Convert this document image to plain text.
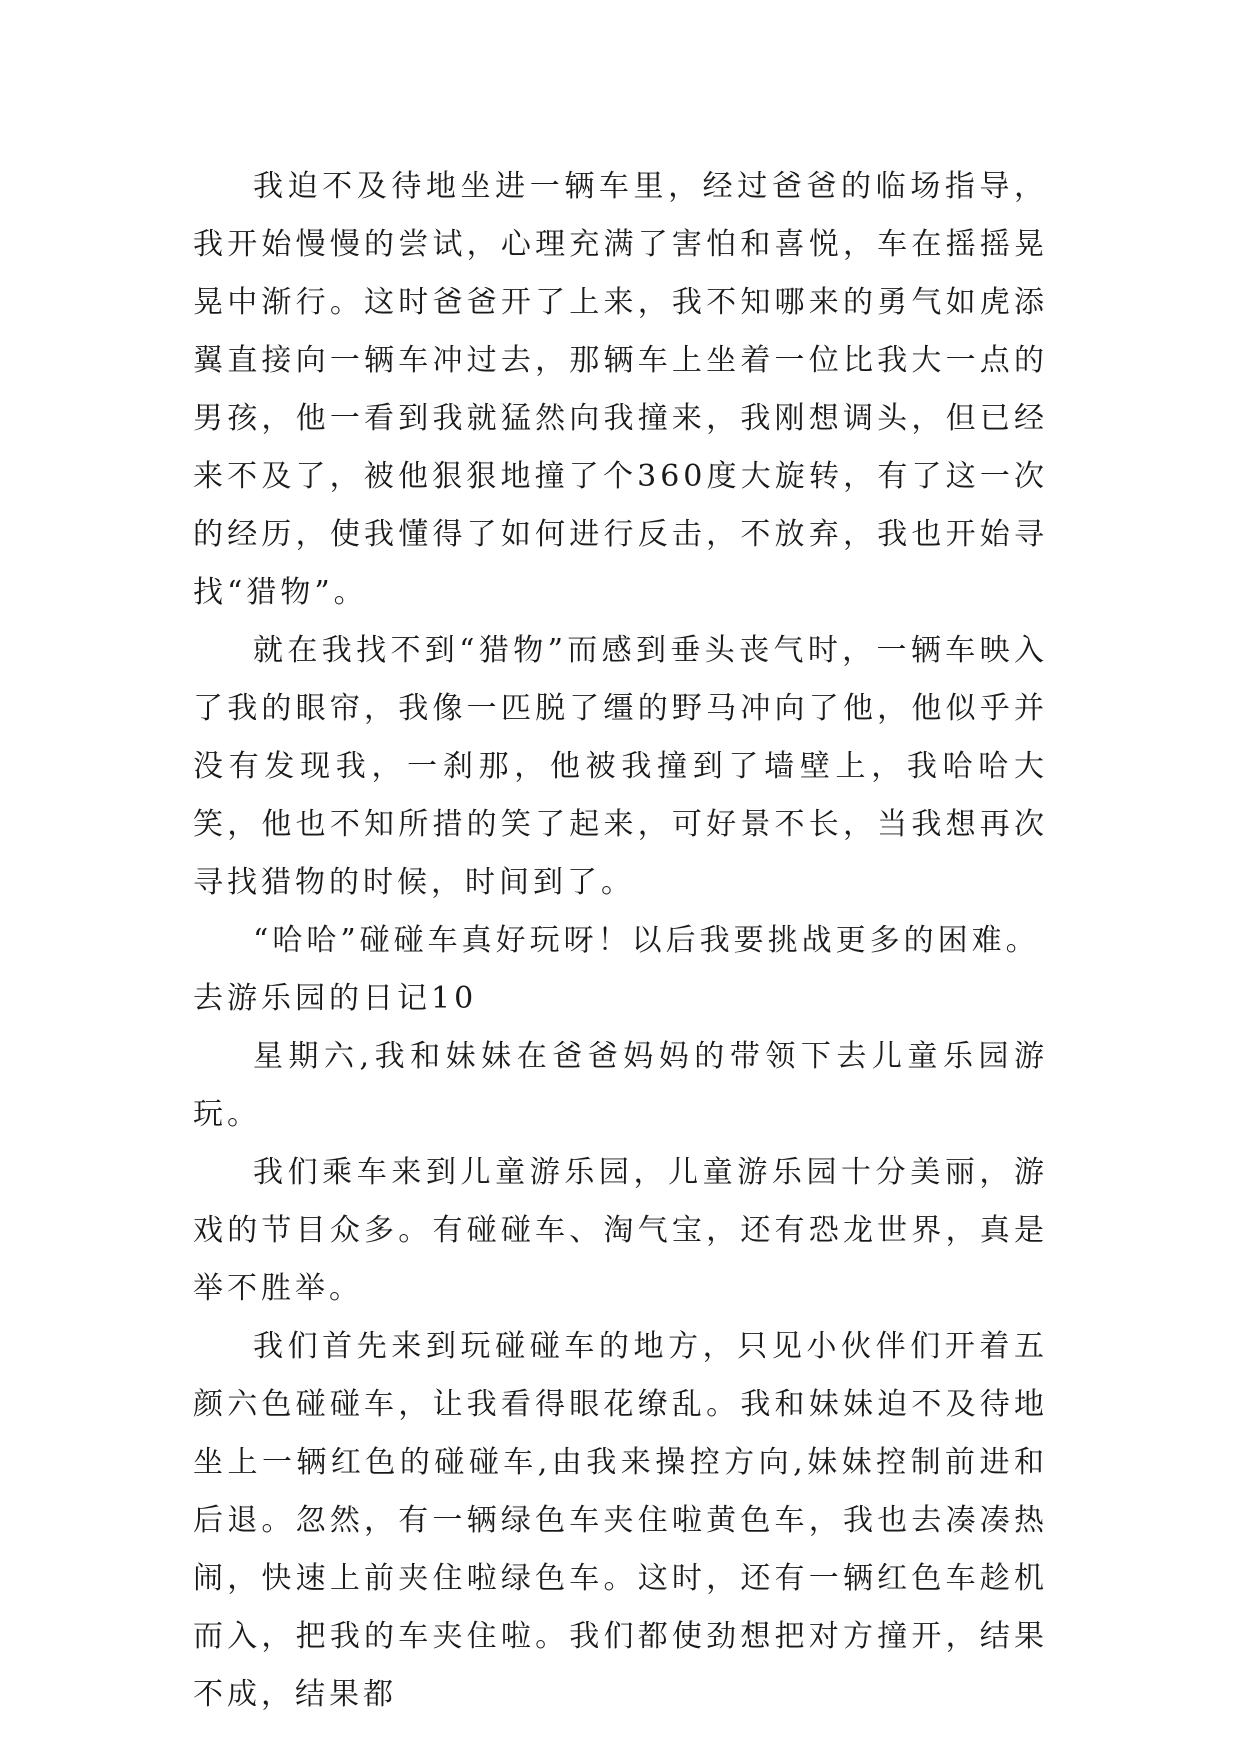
我迫不及待地坐进一辆车里，经过爸爸的临场指导，我开始慢慢的尝试，心理充满了害怕和喜悦，车在摇摇晃晃中渐行。这时爸爸开了上来，我不知哪来的勇气如虎添翼直接向一辆车冲过去，那辆车上坐着一位比我大一点的男孩，他一看到我就猛然向我撞来，我刚想调头，但已经来不及了，被他狠狠地撞了个360度大旋转，有了这一次的经历，使我懂得了如何进行反击，不放弃，我也开始寻找“猎物”。

就在我找不到“猎物”而感到垂头丧气时，一辆车映入了我的眼帘，我像一匹脱了缰的野马冲向了他，他似乎并没有发现我，一刹那，他被我撞到了墙壁上，我哈哈大笑，他也不知所措的笑了起来，可好景不长，当我想再次寻找猎物的时候，时间到了。

“哈哈”碰碰车真好玩呀！以后我要挑战更多的困难。

去游乐园的日记10

星期六,我和妹妹在爸爸妈妈的带领下去儿童乐园游玩。

我们乘车来到儿童游乐园，儿童游乐园十分美丽，游戏的节目众多。有碰碰车、淘气宝，还有恐龙世界，真是举不胜举。

我们首先来到玩碰碰车的地方，只见小伙伴们开着五颜六色碰碰车，让我看得眼花缭乱。我和妹妹迫不及待地坐上一辆红色的碰碰车,由我来操控方向,妹妹控制前进和后退。忽然，有一辆绿色车夹住啦黄色车，我也去凑凑热闹，快速上前夹住啦绿色车。这时，还有一辆红色车趁机而入，把我的车夹住啦。我们都使劲想把对方撞开，结果不成，结果都
